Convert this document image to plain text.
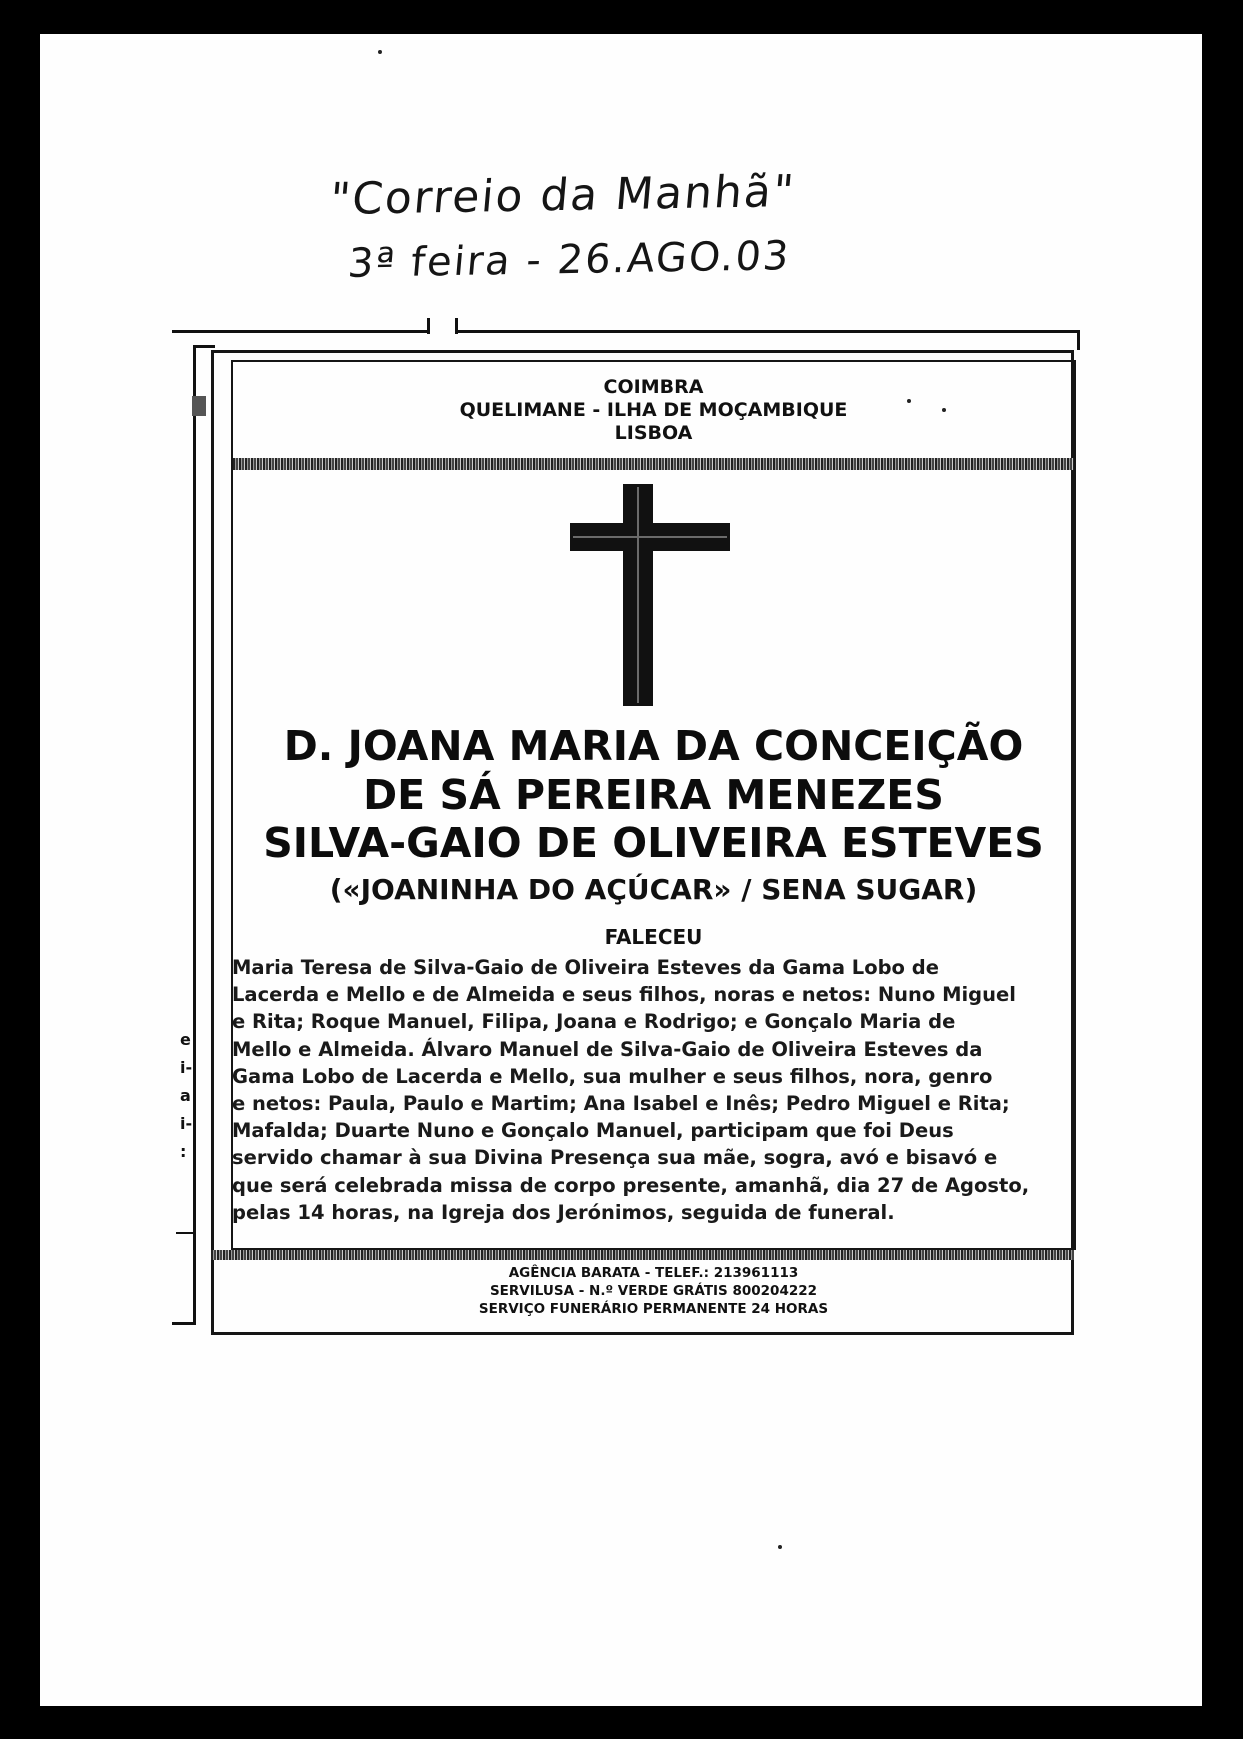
"Correio da Manhã"
3ª feira - 26.AGO.03
e
i-
a
i-
:
COIMBRA
QUELIMANE - ILHA DE MOÇAMBIQUE
LISBOA
D. JOANA MARIA DA CONCEIÇÃO
DE SÁ PEREIRA MENEZES
SILVA-GAIO DE OLIVEIRA ESTEVES
(«JOANINHA DO AÇÚCAR» / SENA SUGAR)
FALECEU
Maria Teresa de Silva-Gaio de Oliveira Esteves da Gama Lobo de
Lacerda e Mello e de Almeida e seus filhos, noras e netos: Nuno Miguel
e Rita; Roque Manuel, Filipa, Joana e Rodrigo; e Gonçalo Maria de
Mello e Almeida. Álvaro Manuel de Silva-Gaio de Oliveira Esteves da
Gama Lobo de Lacerda e Mello, sua mulher e seus filhos, nora, genro
e netos: Paula, Paulo e Martim; Ana Isabel e Inês; Pedro Miguel e Rita;
Mafalda; Duarte Nuno e Gonçalo Manuel, participam que foi Deus
servido chamar à sua Divina Presença sua mãe, sogra, avó e bisavó e
que será celebrada missa de corpo presente, amanhã, dia 27 de Agosto,
pelas 14 horas, na Igreja dos Jerónimos, seguida de funeral.
AGÊNCIA BARATA - TELEF.: 213961113
SERVILUSA - N.º VERDE GRÁTIS 800204222
SERVIÇO FUNERÁRIO PERMANENTE 24 HORAS
